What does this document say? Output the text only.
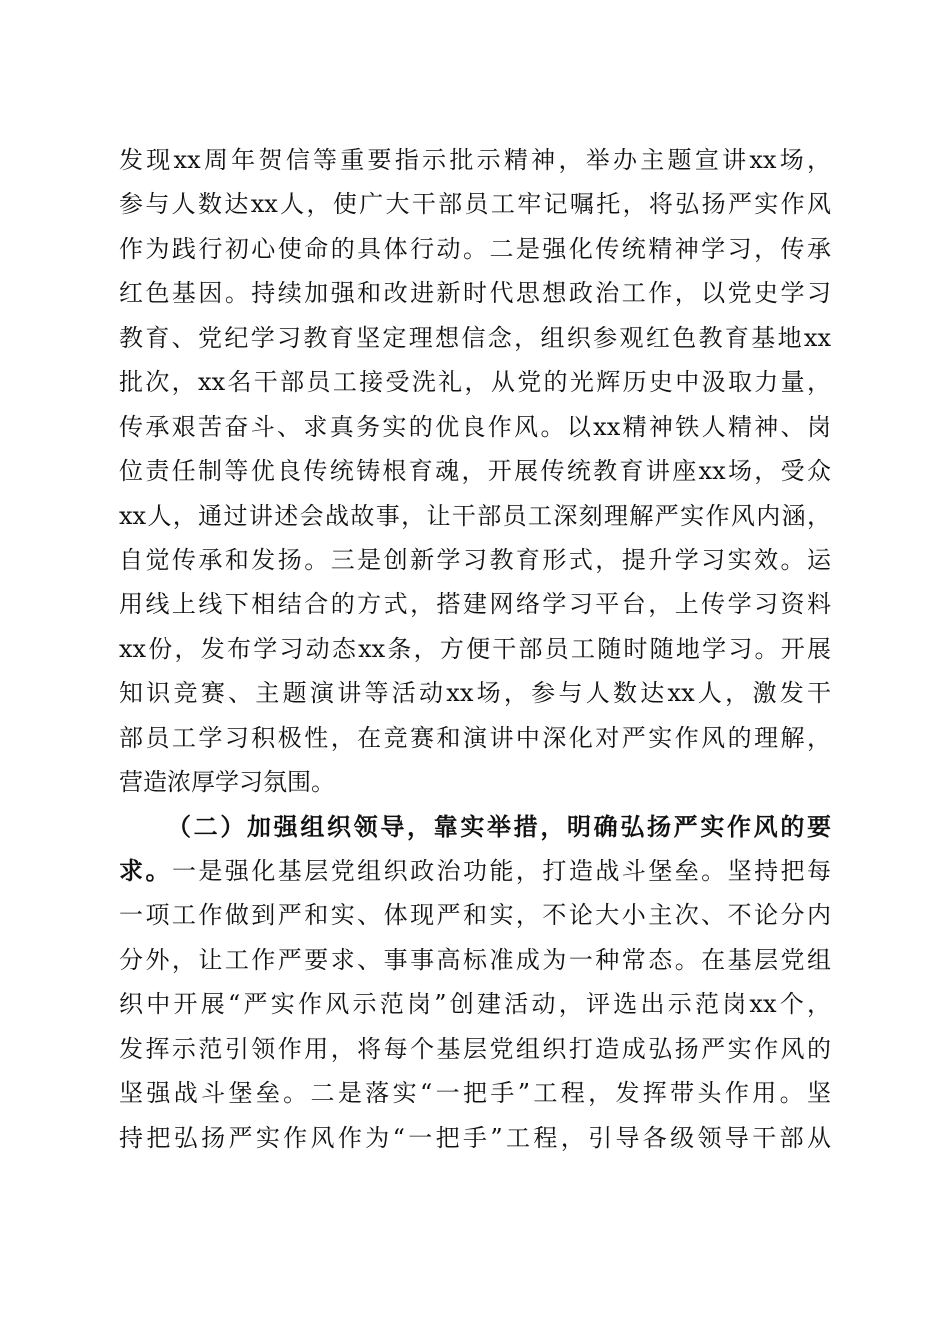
发现xx周年贺信等重要指示批示精神，举办主题宣讲xx场，
参与人数达xx人，使广大干部员工牢记嘱托，将弘扬严实作风
作为践行初心使命的具体行动。二是强化传统精神学习，传承
红色基因。持续加强和改进新时代思想政治工作，以党史学习
教育、党纪学习教育坚定理想信念，组织参观红色教育基地xx
批次，xx名干部员工接受洗礼，从党的光辉历史中汲取力量，
传承艰苦奋斗、求真务实的优良作风。以xx精神铁人精神、岗
位责任制等优良传统铸根育魂，开展传统教育讲座xx场，受众
xx人，通过讲述会战故事，让干部员工深刻理解严实作风内涵，
自觉传承和发扬。三是创新学习教育形式，提升学习实效。运
用线上线下相结合的方式，搭建网络学习平台，上传学习资料
xx份，发布学习动态xx条，方便干部员工随时随地学习。开展
知识竞赛、主题演讲等活动xx场，参与人数达xx人，激发干
部员工学习积极性，在竞赛和演讲中深化对严实作风的理解，
营造浓厚学习氛围。
（二）加强组织领导，靠实举措，明确弘扬严实作风的要
求。一是强化基层党组织政治功能，打造战斗堡垒。坚持把每
一项工作做到严和实、体现严和实，不论大小主次、不论分内
分外，让工作严要求、事事高标准成为一种常态。在基层党组
织中开展“严实作风示范岗”创建活动，评选出示范岗xx个，
发挥示范引领作用，将每个基层党组织打造成弘扬严实作风的
坚强战斗堡垒。二是落实“一把手”工程，发挥带头作用。坚
持把弘扬严实作风作为“一把手”工程，引导各级领导干部从
